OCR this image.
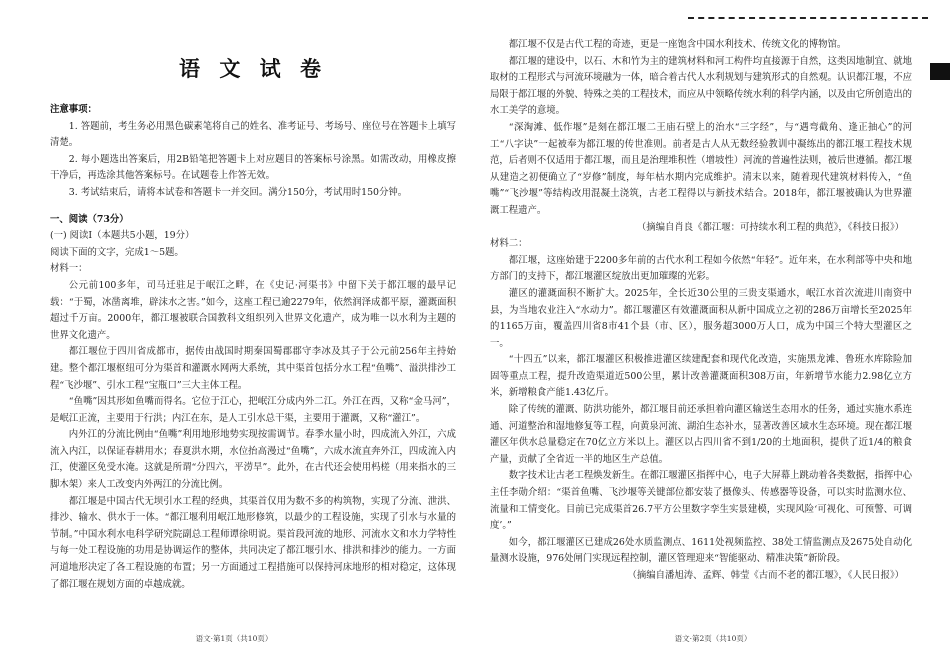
语 文 试 卷
注意事项：
1. 答题前，考生务必用黑色碳素笔将自己的姓名、准考证号、考场号、座位号在答题卡上填写清楚。
2. 每小题选出答案后，用2B铅笔把答题卡上对应题目的答案标号涂黑。如需改动，用橡皮擦干净后，再选涂其他答案标号。在试题卷上作答无效。
3. 考试结束后，请将本试卷和答题卡一并交回。满分150分，考试用时150分钟。
一、阅读（73分）
(一) 阅读Ⅰ（本题共5小题，19分）
阅读下面的文字，完成1～5题。
材料一：
公元前100多年，司马迁驻足于岷江之畔，在《史记·河渠书》中留下关于都江堰的最早记载：“于蜀，冰凿离堆，辟沫水之害。”如今，这座工程已逾2279年，依然润泽成都平原，灌溉面积超过千万亩。2000年，都江堰被联合国教科文组织列入世界文化遗产，成为唯一以水利为主题的世界文化遗产。
都江堰位于四川省成都市，据传由战国时期秦国蜀郡郡守李冰及其子于公元前256年主持始建。整个都江堰枢纽可分为渠首和灌溉水网两大系统，其中渠首包括分水工程“鱼嘴”、溢洪排沙工程“飞沙堰”、引水工程“宝瓶口”三大主体工程。
“鱼嘴”因其形如鱼嘴而得名。它位于江心，把岷江分成内外二江。外江在西，又称“金马河”，是岷江正流，主要用于行洪；内江在东，是人工引水总干渠，主要用于灌溉，又称“灌江”。
内外江的分流比例由“鱼嘴”利用地形地势实现按需调节。春季水量小时，四成流入外江，六成流入内江，以保证春耕用水；春夏洪水期，水位抬高漫过“鱼嘴”，六成水流直奔外江，四成流入内江，使灌区免受水淹。这就是所谓“分四六，平涝旱”。此外，在古代还会使用杩槎（用来指水的三脚木架）来人工改变内外两江的分流比例。
都江堰是中国古代无坝引水工程的经典，其渠首仅用为数不多的构筑物，实现了分流、泄洪、排沙、输水、供水于一体。“都江堰利用岷江地形修筑，以最少的工程设施，实现了引水与水量的节制。”中国水利水电科学研究院副总工程师谭徐明说。渠首段河流的地形、河流水文和水力学特性与每一处工程设施的功用是协调运作的整体，共同决定了都江堰引水、排洪和排沙的能力。一方面河道地形决定了各工程设施的布置；另一方面通过工程措施可以保持河床地形的相对稳定，这体现了都江堰在规划方面的卓越成就。
语文·第1页（共10页）
都江堰不仅是古代工程的奇迹，更是一座饱含中国水利技术、传统文化的博物馆。
都江堰的建设中，以石、木和竹为主的建筑材料和河工构件均直接源于自然，这类因地制宜、就地取材的工程形式与河流环境融为一体，暗合着古代人水利规划与建筑形式的自然观。认识都江堰，不应局限于都江堰的外貌、特殊之美的工程技术，而应从中领略传统水利的科学内涵，以及由它所创造出的水工美学的意境。
“深淘滩、低作堰”是刻在都江堰二王庙石壁上的治水“三字经”，与“遇弯截角、逢正抽心”的河工“八字诀”一起被奉为都江堰的传世准则。前者是古人从无数经验教训中凝练出的都江堰工程技术规范，后者则不仅适用于都江堰，而且是治理堆积性（增坡性）河流的普遍性法则，被后世遵循。都江堰从建造之初便确立了“岁修”制度，每年枯水期内完成维护。清末以来，随着现代建筑材料传入，“鱼嘴”“飞沙堰”等结构改用混凝土浇筑，古老工程得以与新技术结合。2018年，都江堰被确认为世界灌溉工程遗产。
（摘编自肖良《都江堰：可持续水利工程的典范》，《科技日报》）
材料二：
都江堰，这座始建于2200多年前的古代水利工程如今依然“年轻”。近年来，在水利部等中央和地方部门的支持下，都江堰灌区绽放出更加璀璨的光彩。
灌区的灌溉面积不断扩大。2025年，全长近30公里的三贵支渠通水，岷江水首次流进川南资中县，为当地农业注入“水动力”。都江堰灌区有效灌溉面积从新中国成立之初的286万亩增长至2025年的1165万亩，覆盖四川省8市41个县（市、区），服务超3000万人口，成为中国三个特大型灌区之一。
“十四五”以来，都江堰灌区积极推进灌区续建配套和现代化改造，实施黑龙滩、鲁班水库除险加固等重点工程，提升改造渠道近500公里，累计改善灌溉面积308万亩，年新增节水能力2.98亿立方米，新增粮食产能1.43亿斤。
除了传统的灌溉、防洪功能外，都江堰目前还承担着向灌区输送生态用水的任务，通过实施水系连通、河道整治和湿地修复等工程，向黄泉河流、湖泊生态补水，显著改善区域水生态环境。现在都江堰灌区年供水总量稳定在70亿立方米以上。灌区以占四川省不到1/20的土地面积，提供了近1/4的粮食产量，贡献了全省近一半的地区生产总值。
数字技术让古老工程焕发新生。在都江堰灌区指挥中心，电子大屏幕上跳动着各类数据，指挥中心主任李勋介绍：“渠首鱼嘴、飞沙堰等关键部位都安装了摄像头、传感器等设备，可以实时监测水位、流量和工情变化。目前已完成渠首26.7平方公里数字孪生实景建模，实现风险‘可视化、可预警、可调度’。”
如今，都江堰灌区已建成26处水质监测点、1611处视频监控、38处工情监测点及2675处自动化量测水设施，976处闸门实现远程控制，灌区管理迎来“智能驱动、精准决策”新阶段。
（摘编自潘旭涛、孟辉、韩莹《古而不老的都江堰》，《人民日报》）
语文·第2页（共10页）
